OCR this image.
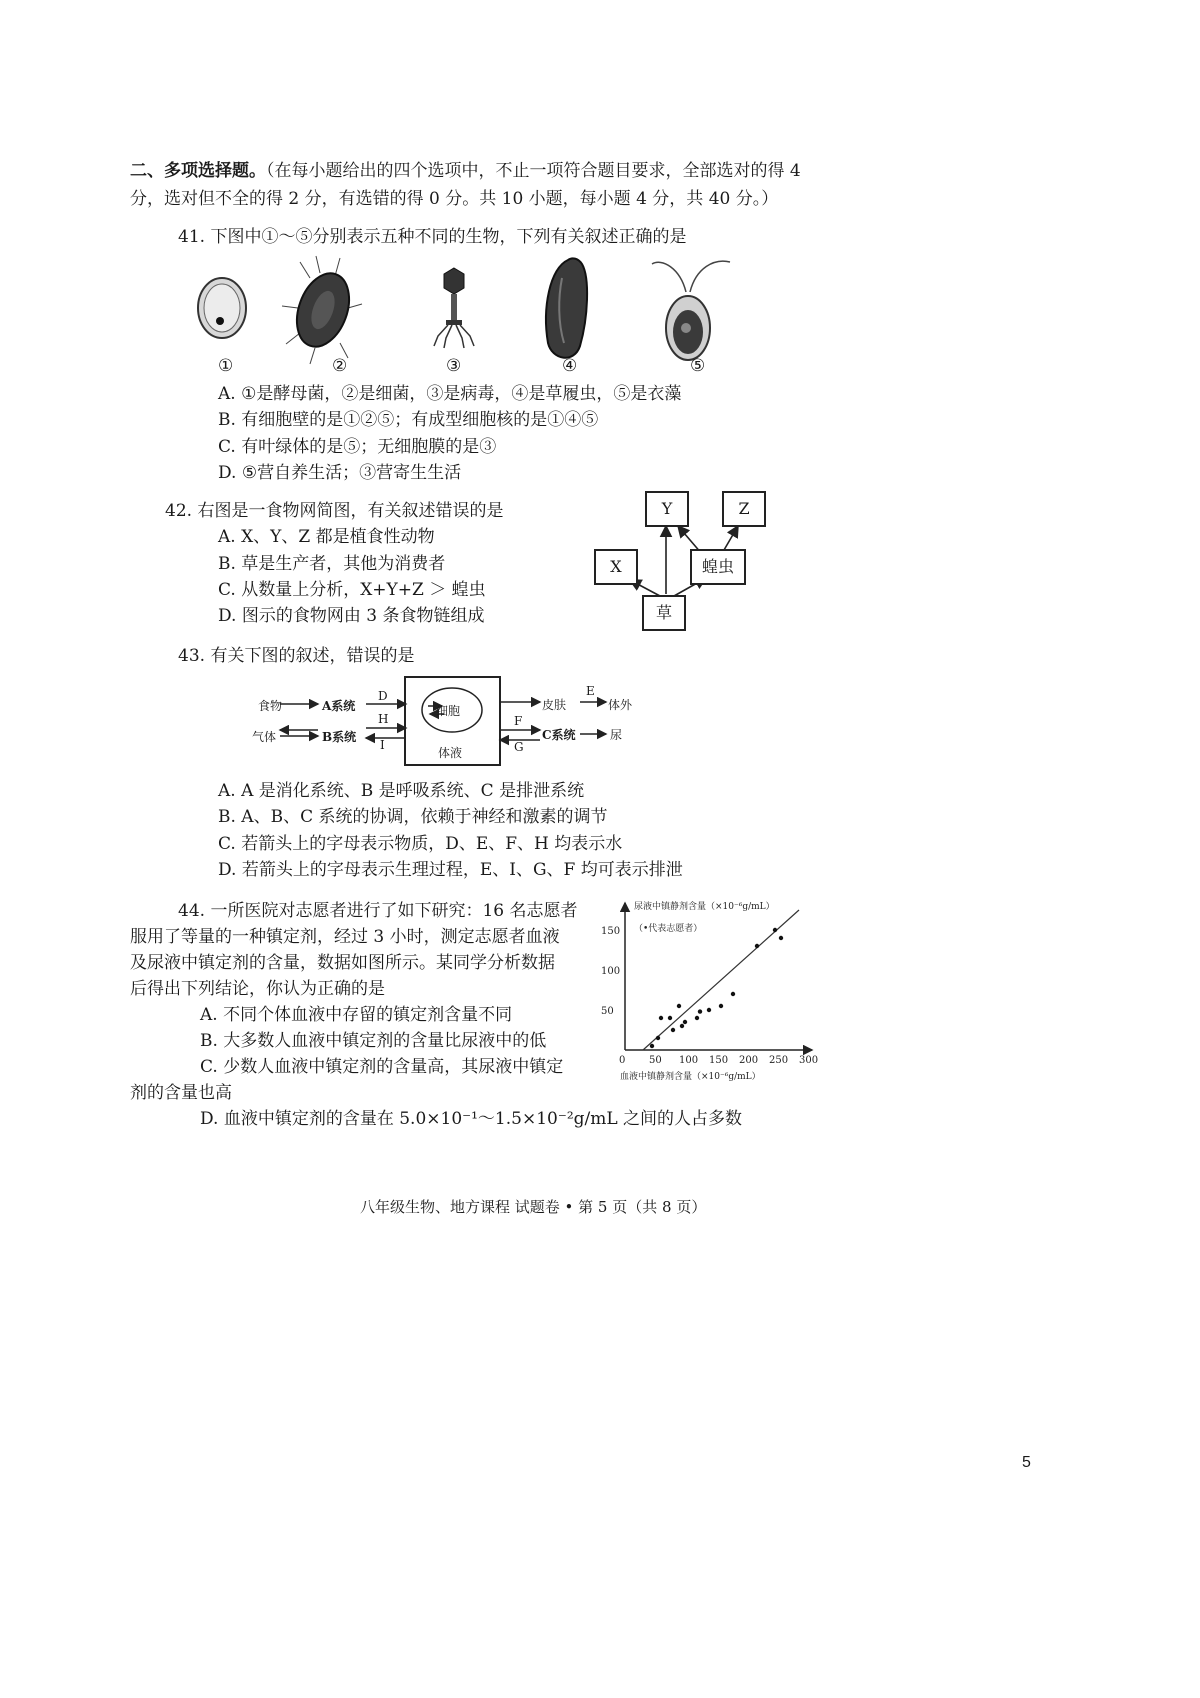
二、多项选择题。（在每小题给出的四个选项中，不止一项符合题目要求，全部选对的得 4
分，选对但不全的得 2 分，有选错的得 0 分。共 10 小题，每小题 4 分，共 40 分。）
41. 下图中①～⑤分别表示五种不同的生物，下列有关叙述正确的是
①	②	③	④	⑤
A. ①是酵母菌，②是细菌，③是病毒，④是草履虫，⑤是衣藻
B. 有细胞壁的是①②⑤；有成型细胞核的是①④⑤
C. 有叶绿体的是⑤；无细胞膜的是③
D. ⑤营自养生活；③营寄生生活
42. 右图是一食物网简图，有关叙述错误的是
A. X、Y、Z 都是植食性动物
B. 草是生产者，其他为消费者
C. 从数量上分析，X+Y+Z ＞ 蝗虫
D. 图示的食物网由 3 条食物链组成
Y	Z
X	蝗虫
草
43. 有关下图的叙述，错误的是
食物
气体
A系统
B系统
D
H
I
细胞
体液
皮肤
E
体外
F
G
C系统	尿
A. A 是消化系统、B 是呼吸系统、C 是排泄系统
B. A、B、C 系统的协调，依赖于神经和激素的调节
C. 若箭头上的字母表示物质，D、E、F、H 均表示水
D. 若箭头上的字母表示生理过程，E、I、G、F 均可表示排泄
44. 一所医院对志愿者进行了如下研究：16 名志愿者
服用了等量的一种镇定剂，经过 3 小时，测定志愿者血液
及尿液中镇定剂的含量，数据如图所示。某同学分析数据
后得出下列结论，你认为正确的是
A. 不同个体血液中存留的镇定剂含量不同
B. 大多数人血液中镇定剂的含量比尿液中的低
C. 少数人血液中镇定剂的含量高，其尿液中镇定
剂的含量也高
D. 血液中镇定剂的含量在 5.0×10⁻¹～1.5×10⁻²g/mL 之间的人占多数
尿液中镇静剂含量（×10⁻⁶g/mL）
（•代表志愿者）
血液中镇静剂含量（×10⁻⁶g/mL）
0 50 100 150 200 250 300
50
100
150
八年级生物、地方课程 试题卷 • 第 5 页（共 8 页）
5
